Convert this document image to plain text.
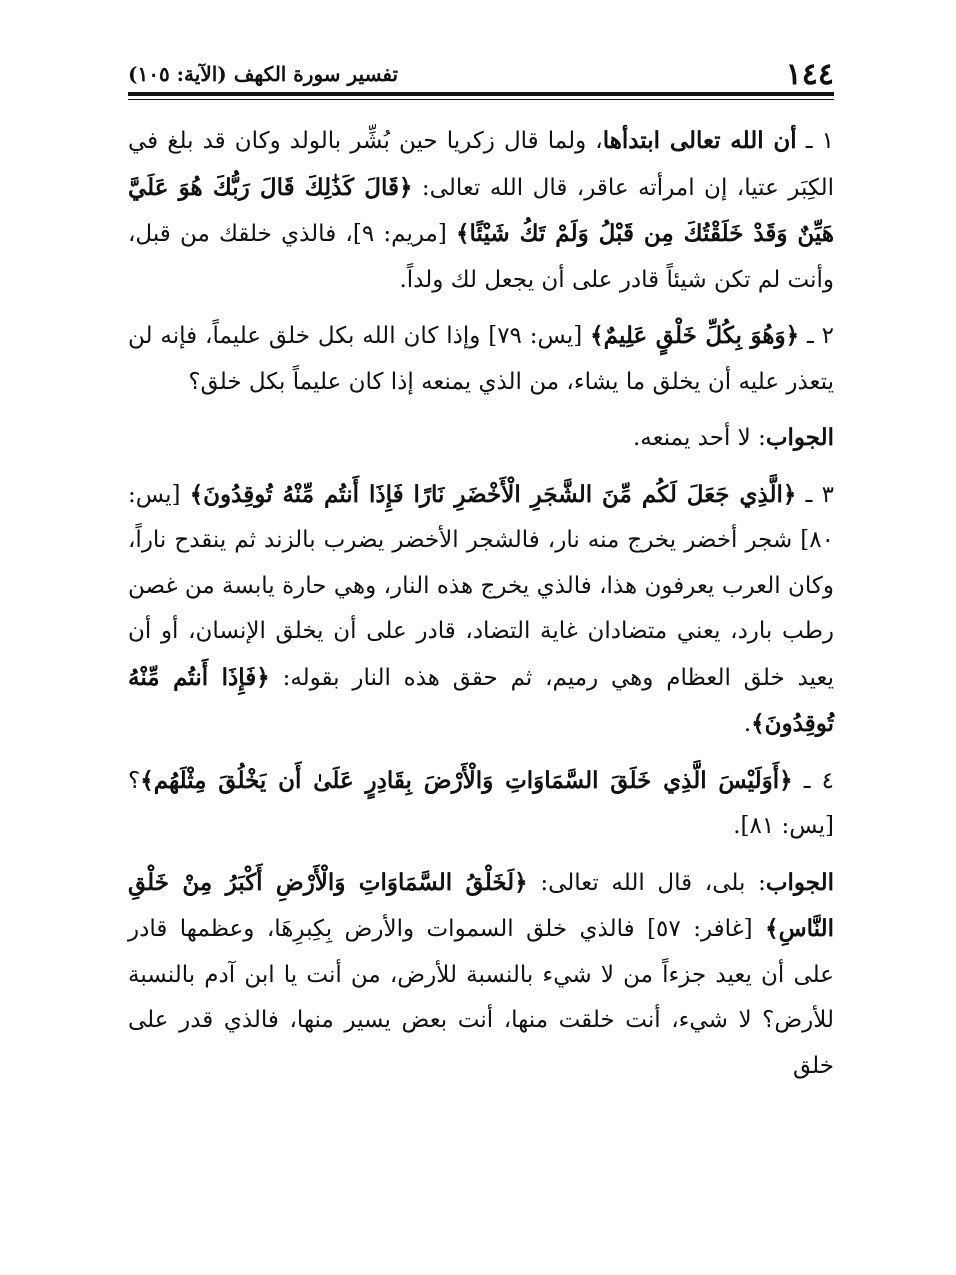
١٤٤
تفسير سورة الكهف (الآية: ١٠٥)

١ ـ أن الله تعالى ابتدأها، ولما قال زكريا حين بُشِّر بالولد وكان قد بلغ في الكِبَر عتيا، إن امرأته عاقر، قال الله تعالى: ﴿قَالَ كَذَٰلِكَ قَالَ رَبُّكَ هُوَ عَلَيَّ هَيِّنٌ وَقَدْ خَلَقْتُكَ مِن قَبْلُ وَلَمْ تَكُ شَيْئًا﴾ [مريم: ٩]، فالذي خلقك من قبل، وأنت لم تكن شيئاً قادر على أن يجعل لك ولداً.

٢ ـ ﴿وَهُوَ بِكُلِّ خَلْقٍ عَلِيمٌ﴾ [يس: ٧٩] وإذا كان الله بكل خلق عليماً، فإنه لن يتعذر عليه أن يخلق ما يشاء، من الذي يمنعه إذا كان عليماً بكل خلق؟

الجواب: لا أحد يمنعه.

٣ ـ ﴿الَّذِي جَعَلَ لَكُم مِّنَ الشَّجَرِ الْأَخْضَرِ نَارًا فَإِذَا أَنتُم مِّنْهُ تُوقِدُونَ﴾ [يس: ٨٠] شجر أخضر يخرج منه نار، فالشجر الأخضر يضرب بالزند ثم ينقدح ناراً، وكان العرب يعرفون هذا، فالذي يخرج هذه النار، وهي حارة يابسة من غصن رطب بارد، يعني متضادان غاية التضاد، قادر على أن يخلق الإنسان، أو أن يعيد خلق العظام وهي رميم، ثم حقق هذه النار بقوله: ﴿فَإِذَا أَنتُم مِّنْهُ تُوقِدُونَ﴾.

٤ ـ ﴿أَوَلَيْسَ الَّذِي خَلَقَ السَّمَاوَاتِ وَالْأَرْضَ بِقَادِرٍ عَلَىٰ أَن يَخْلُقَ مِثْلَهُم﴾؟ [يس: ٨١].

الجواب: بلى، قال الله تعالى: ﴿لَخَلْقُ السَّمَاوَاتِ وَالْأَرْضِ أَكْبَرُ مِنْ خَلْقِ النَّاسِ﴾ [غافر: ٥٧] فالذي خلق السموات والأرض بِكِبرِهَا، وعظمها قادر على أن يعيد جزءاً من لا شيء بالنسبة للأرض، من أنت يا ابن آدم بالنسبة للأرض؟ لا شيء، أنت خلقت منها، أنت بعض يسير منها، فالذي قدر على خلق
